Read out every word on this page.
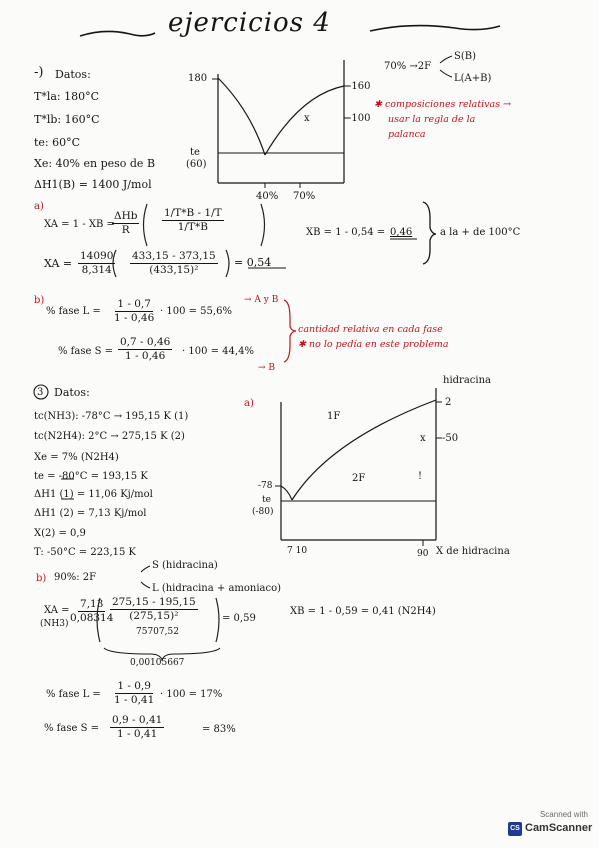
ejercicios 4
-) Datos:
T*la: 180°C
T*lb: 160°C
te: 60°C
Xe: 40% en peso de B
ΔH1(B) = 1400 J/mol
70% →2F
S(B)
L(A+B)
✱ composiciones relativas →
usar la regla de la
palanca
180
te
(60)
-160
-100
40% 70%
x
a)
XA = 1 - XB =
ΔHb
R	$\frac{1/T*B - 1/T}{1/T*B}$
XA = $\frac{14090}{8,314} \frac{433,15 - 373,15}{\text{(433,15)²}} = 0,54$
XB = 1 - 0,54 = 0,46	a la + de 100°C
b)
% fase $L = \frac{1 - 0,7}{1 - 0,46} \cdot 100 = 55,6\%$
→ A y B
% fase $S = \frac{0,7 - 0,46}{1 - 0,46} \cdot 100 = 44,4\%$
→ B
cantidad relativa en cada fase
✱ no lo pedía en este problema
3 Datos:
tc(NH3): -78°C → 195,15 K (1)
tc(N2H4): 2°C → 275,15 K (2)
Xe = 7% (N2H4)
te = -80°C = 193,15 K
ΔH1 (1) = 11,06 Kj/mol
ΔH1 (2) = 7,13 Kj/mol
X(2) = 0,9
T: -50°C = 223,15 K
a)
hidracina
2
-50
-78
te
(-80)
1F
2F
x
!
7 10	90 X de hidracina
b) 90%: 2F
S (hidracina)
L (hidracina + amoniaco)
XA =
$(NH3) \frac{7,13}{0,08314}$
$\frac{275,15 - 195,15}{\text{(275,15)²}}$
75707,52
= 0,59
0,00105667
XB = 1 - 0,59 = 0,41 (N2H4)
% fase $L = \frac{1 - 0,9}{1 - 0,41} \cdot 100 = 17\%$
% fase $S = \frac{0,9 - 0,41}{1 - 0,41}$	= 83%
Scanned with
CS CamScanner
